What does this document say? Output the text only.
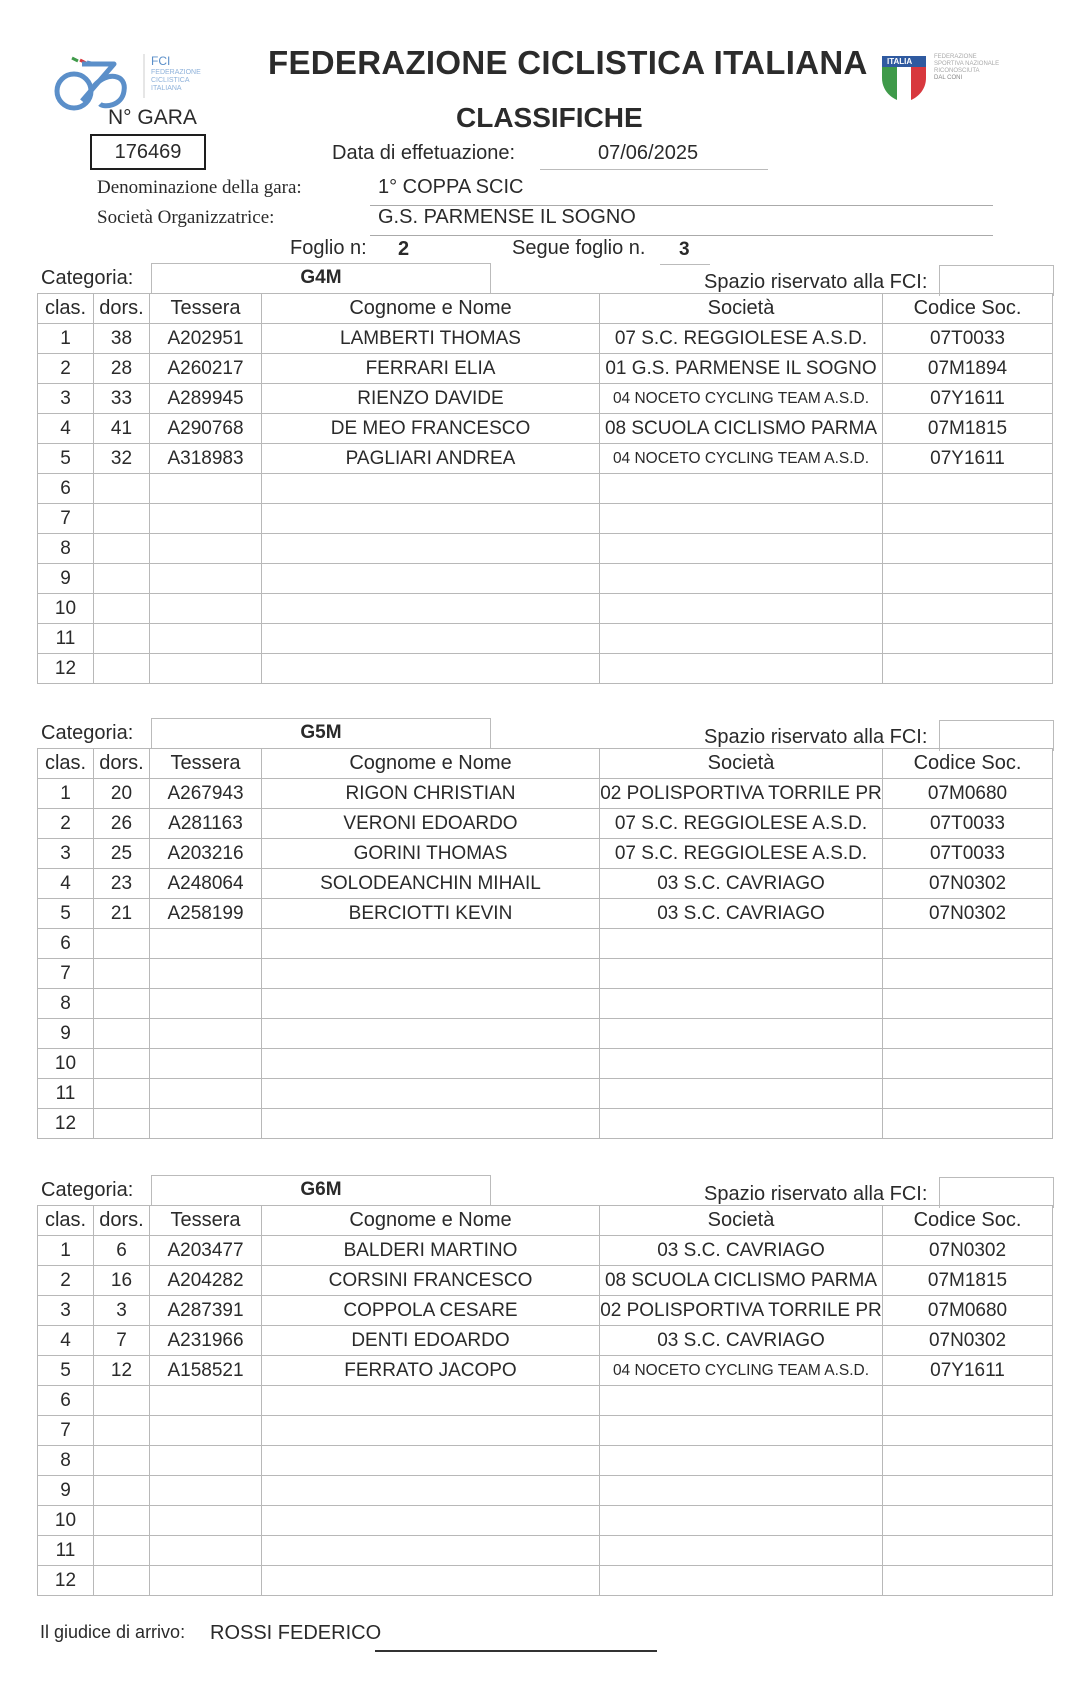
FCI
FEDERAZIONE
CICLISTICA
ITALIANA
FEDERAZIONE CICLISTICA ITALIANA
CLASSIFICHE
ITALIA	FEDERAZIONE
SPORTIVA NAZIONALE
RICONOSCIUTA
DAL CONI
N° GARA
176469	Data di effetuazione:	07/06/2025
Denominazione della gara:	1° COPPA SCIC
Società Organizzatrice:	G.S. PARMENSE IL SOGNO
Foglio n: 2	Segue foglio n. 3
Categoria:	G4M	Spazio riservato alla FCI:
clas.	dors.	Tessera	Cognome e Nome	Società	Codice Soc.
1	38	A202951	LAMBERTI THOMAS	07 S.C. REGGIOLESE A.S.D.	07T0033
2	28	A260217	FERRARI ELIA	01 G.S. PARMENSE IL SOGNO	07M1894
3	33	A289945	RIENZO DAVIDE	04 NOCETO CYCLING TEAM A.S.D.	07Y1611
4	41	A290768	DE MEO FRANCESCO	08 SCUOLA CICLISMO PARMA	07M1815
5	32	A318983	PAGLIARI ANDREA	04 NOCETO CYCLING TEAM A.S.D.	07Y1611
6					
7					
8					
9					
10					
11					
12					
Categoria:	G5M	Spazio riservato alla FCI:
clas.	dors.	Tessera	Cognome e Nome	Società	Codice Soc.
1	20	A267943	RIGON CHRISTIAN	02 POLISPORTIVA TORRILE PR	07M0680
2	26	A281163	VERONI EDOARDO	07 S.C. REGGIOLESE A.S.D.	07T0033
3	25	A203216	GORINI THOMAS	07 S.C. REGGIOLESE A.S.D.	07T0033
4	23	A248064	SOLODEANCHIN MIHAIL	03 S.C. CAVRIAGO	07N0302
5	21	A258199	BERCIOTTI KEVIN	03 S.C. CAVRIAGO	07N0302
6					
7					
8					
9					
10					
11					
12					
Categoria:	G6M	Spazio riservato alla FCI:
clas.	dors.	Tessera	Cognome e Nome	Società	Codice Soc.
1	6	A203477	BALDERI MARTINO	03 S.C. CAVRIAGO	07N0302
2	16	A204282	CORSINI FRANCESCO	08 SCUOLA CICLISMO PARMA	07M1815
3	3	A287391	COPPOLA CESARE	02 POLISPORTIVA TORRILE PR	07M0680
4	7	A231966	DENTI EDOARDO	03 S.C. CAVRIAGO	07N0302
5	12	A158521	FERRATO JACOPO	04 NOCETO CYCLING TEAM A.S.D.	07Y1611
6					
7					
8					
9					
10					
11					
12					
Il giudice di arrivo: ROSSI FEDERICO
